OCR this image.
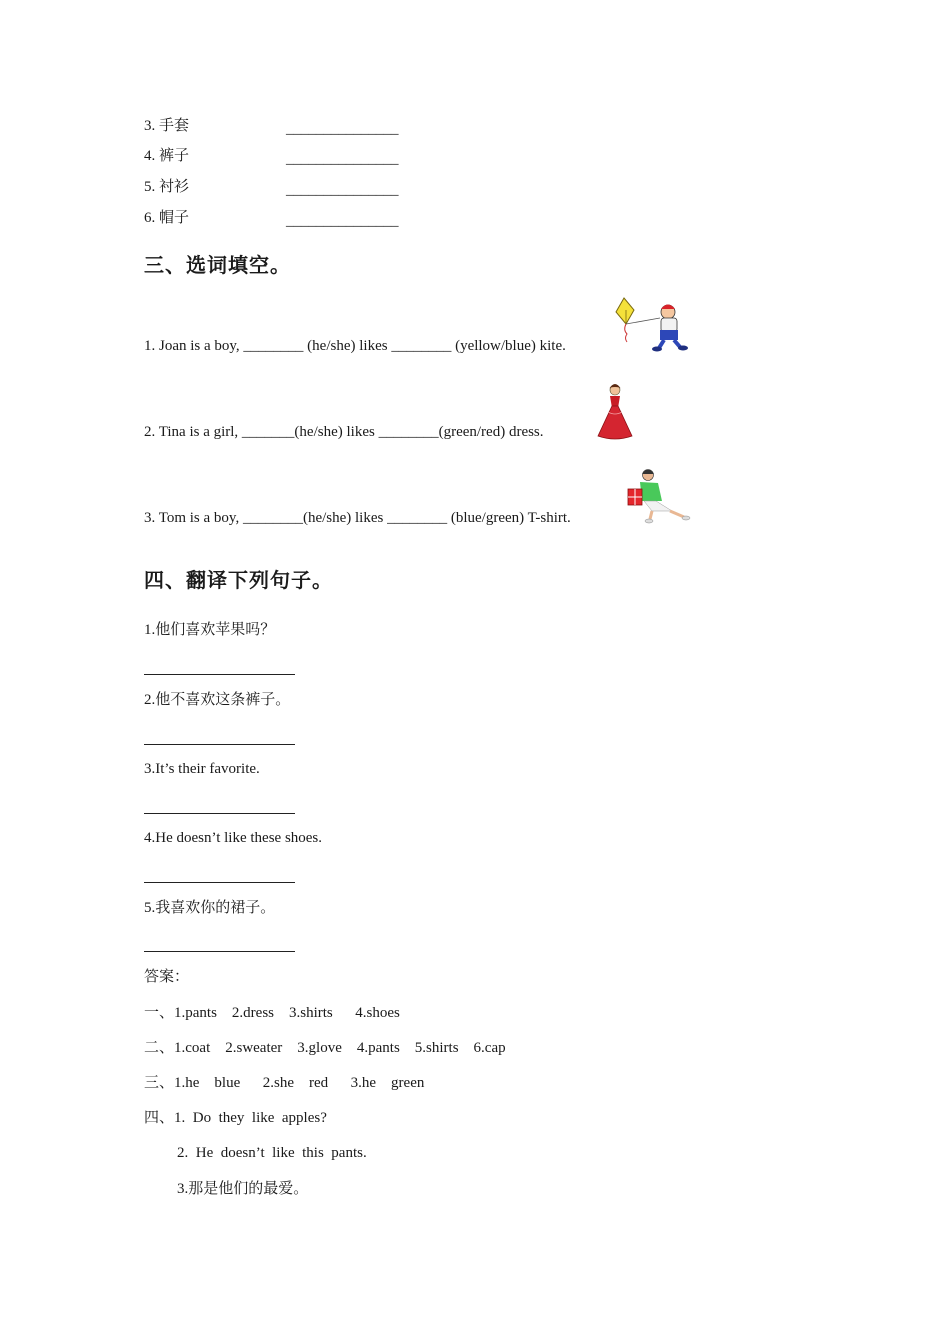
3. 手套	_______________
4. 裤子	_______________
5. 衬衫	_______________
6. 帽子	_______________
三、选词填空。
1. Joan is a boy, ________ (he/she) likes ________ (yellow/blue) kite.
2. Tina is a girl, _______(he/she) likes ________(green/red) dress.
3. Tom is a boy, ________(he/she) likes ________ (blue/green) T-shirt.
四、翻译下列句子。
1.他们喜欢苹果吗？
2.他不喜欢这条裤子。
3.It’s their favorite.
4.He doesn’t like these shoes.
5.我喜欢你的裙子。
答案：
一、1.pants    2.dress    3.shirts      4.shoes
二、1.coat    2.sweater    3.glove    4.pants    5.shirts    6.cap
三、1.he    blue      2.she    red      3.he    green
四、1.  Do  they  like  apples?
2.  He  doesn’t  like  this  pants.
3.那是他们的最爱。
